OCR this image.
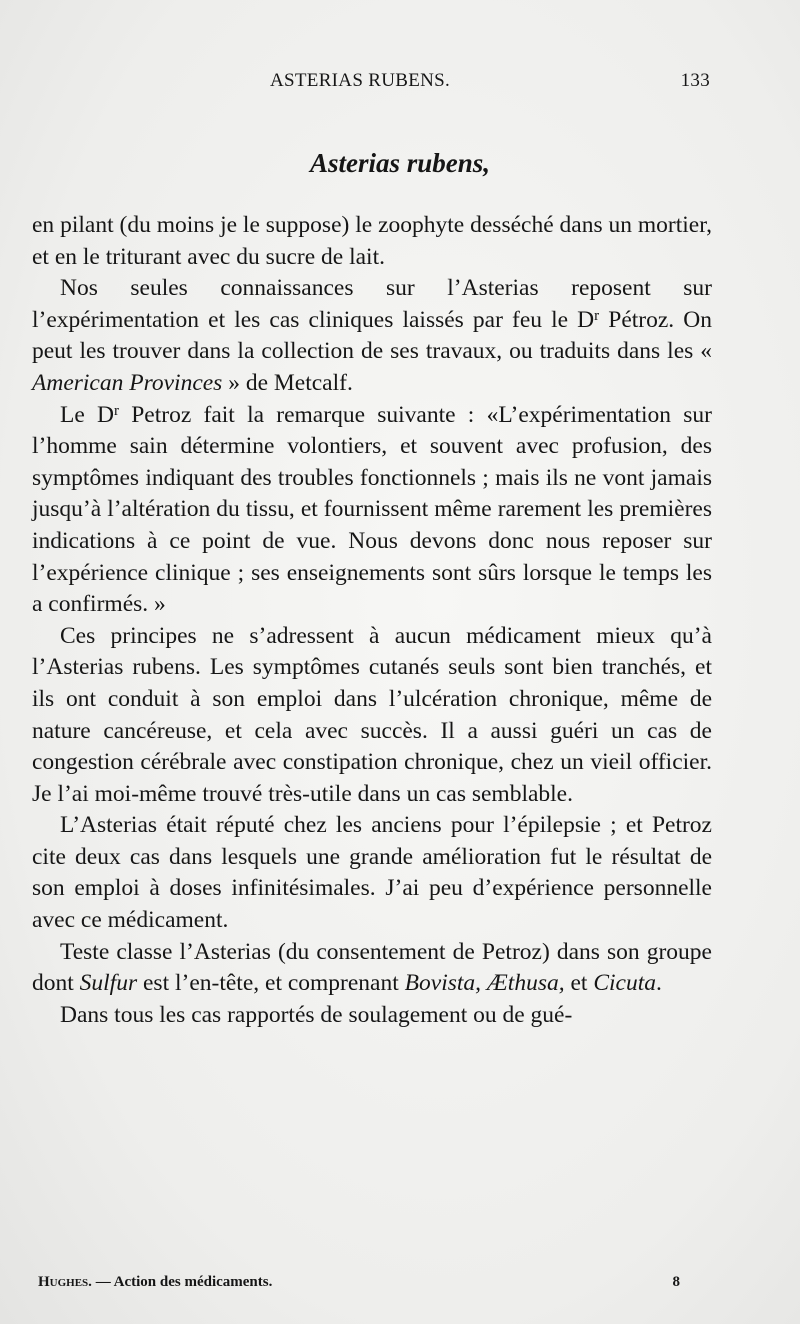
ASTERIAS RUBENS.	133
Asterias rubens,

en pilant (du moins je le suppose) le zoophyte desséché dans un mortier, et en le triturant avec du sucre de lait.

Nos seules connaissances sur l’Asterias reposent sur l’expérimentation et les cas cliniques laissés par feu le $D^r$ Pétroz. On peut les trouver dans la collection de ses travaux, ou traduits dans les « American Provinces » de Metcalf.

Le $D^r$ Petroz fait la remarque suivante : «L’expérimentation sur l’homme sain détermine volontiers, et souvent avec profusion, des symptômes indiquant des troubles fonctionnels ; mais ils ne vont jamais jusqu’à l’altération du tissu, et fournissent même rarement les premières indications à ce point de vue. Nous devons donc nous reposer sur l’expérience clinique ; ses enseignements sont sûrs lorsque le temps les a confirmés. »

Ces principes ne s’adressent à aucun médicament mieux qu’à l’Asterias rubens. Les symptômes cutanés seuls sont bien tranchés, et ils ont conduit à son emploi dans l’ulcération chronique, même de nature cancéreuse, et cela avec succès. Il a aussi guéri un cas de congestion cérébrale avec constipation chronique, chez un vieil officier. Je l’ai moi-même trouvé très-utile dans un cas semblable.

L’Asterias était réputé chez les anciens pour l’épilepsie ; et Petroz cite deux cas dans lesquels une grande amélioration fut le résultat de son emploi à doses infinitésimales. J’ai peu d’expérience personnelle avec ce médicament.

Teste classe l’Asterias (du consentement de Petroz) dans son groupe dont Sulfur est l’en-tête, et comprenant Bovista, Æthusa, et Cicuta.

Dans tous les cas rapportés de soulagement ou de gué-

Hughes. — Action des médicaments.	8
